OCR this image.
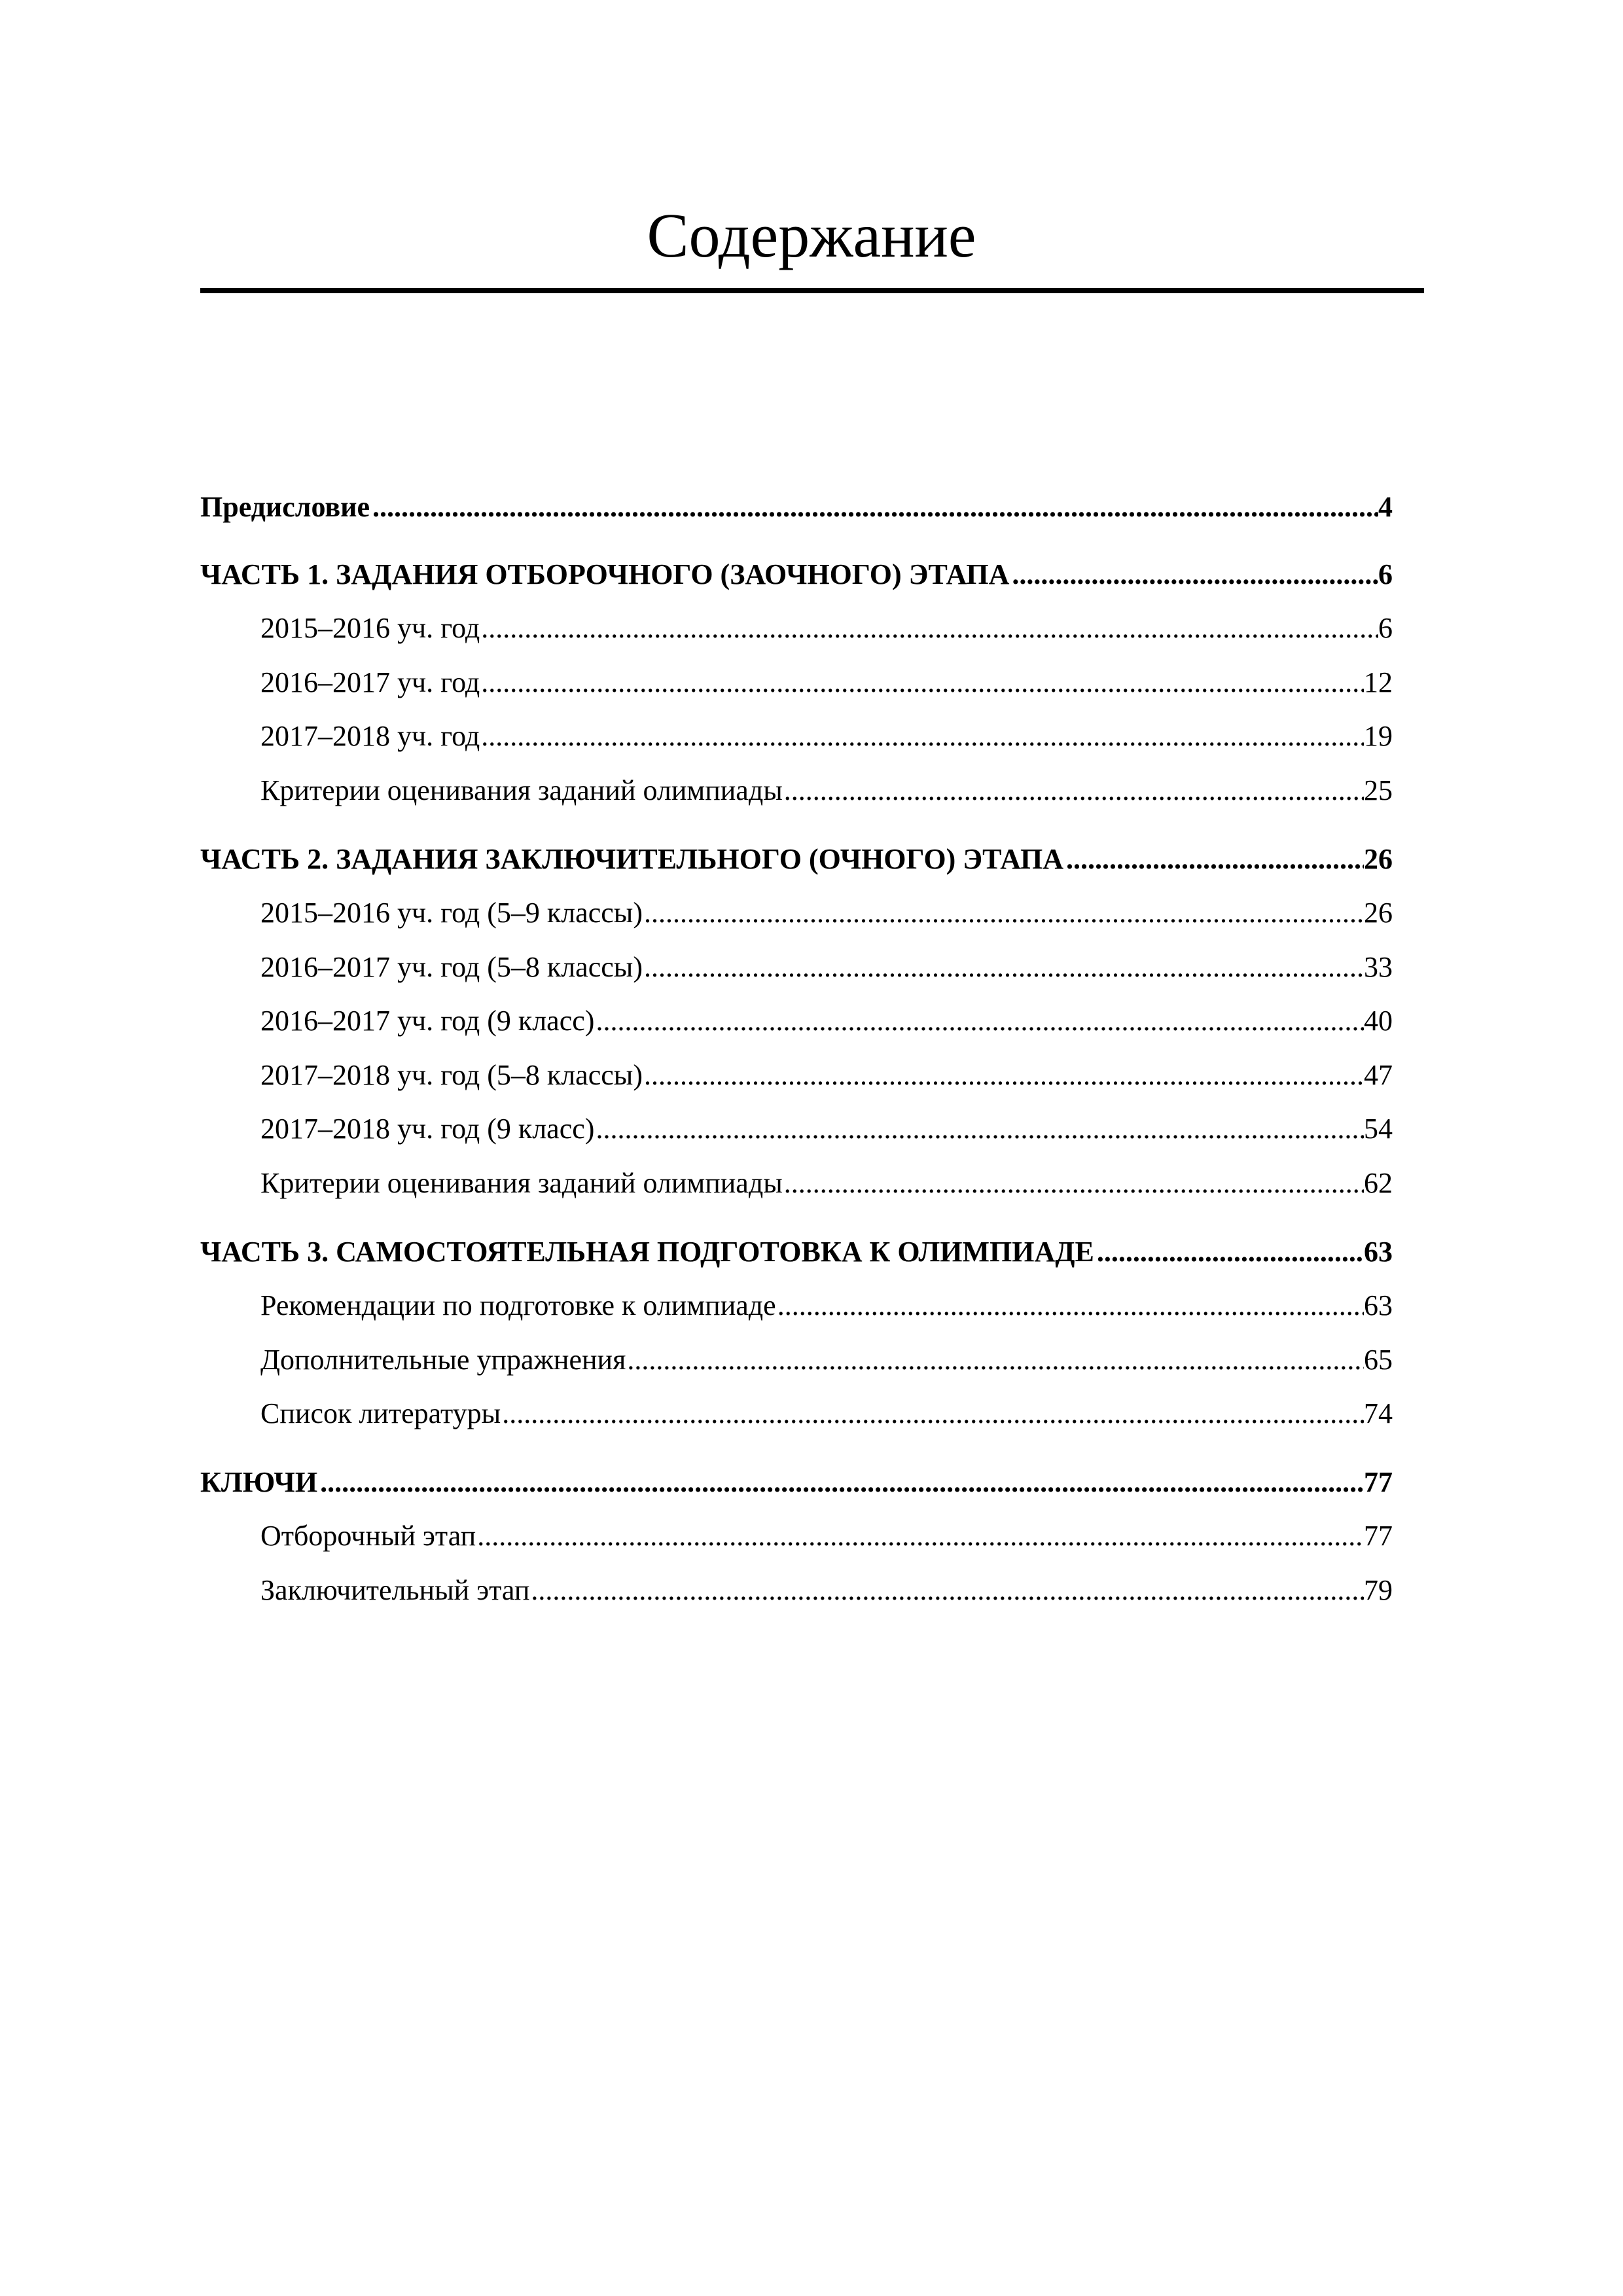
Содержание
Предисловие .....	4
ЧАСТЬ 1. ЗАДАНИЯ ОТБОРОЧНОГО (ЗАОЧНОГО) ЭТАПА .....	6
2015–2016 уч. год .....	6
2016–2017 уч. год .....	12
2017–2018 уч. год .....	19
Критерии оценивания заданий олимпиады .....	25
ЧАСТЬ 2. ЗАДАНИЯ ЗАКЛЮЧИТЕЛЬНОГО (ОЧНОГО) ЭТАПА .....	26
2015–2016 уч. год (5–9 классы) .....	26
2016–2017 уч. год (5–8 классы) .....	33
2016–2017 уч. год (9 класс) .....	40
2017–2018 уч. год (5–8 классы) .....	47
2017–2018 уч. год (9 класс) .....	54
Критерии оценивания заданий олимпиады .....	62
ЧАСТЬ 3. САМОСТОЯТЕЛЬНАЯ ПОДГОТОВКА К ОЛИМПИАДЕ .....	63
Рекомендации по подготовке к олимпиаде .....	63
Дополнительные упражнения .....	65
Список литературы .....	74
КЛЮЧИ .....	77
Отборочный этап .....	77
Заключительный этап .....	79
